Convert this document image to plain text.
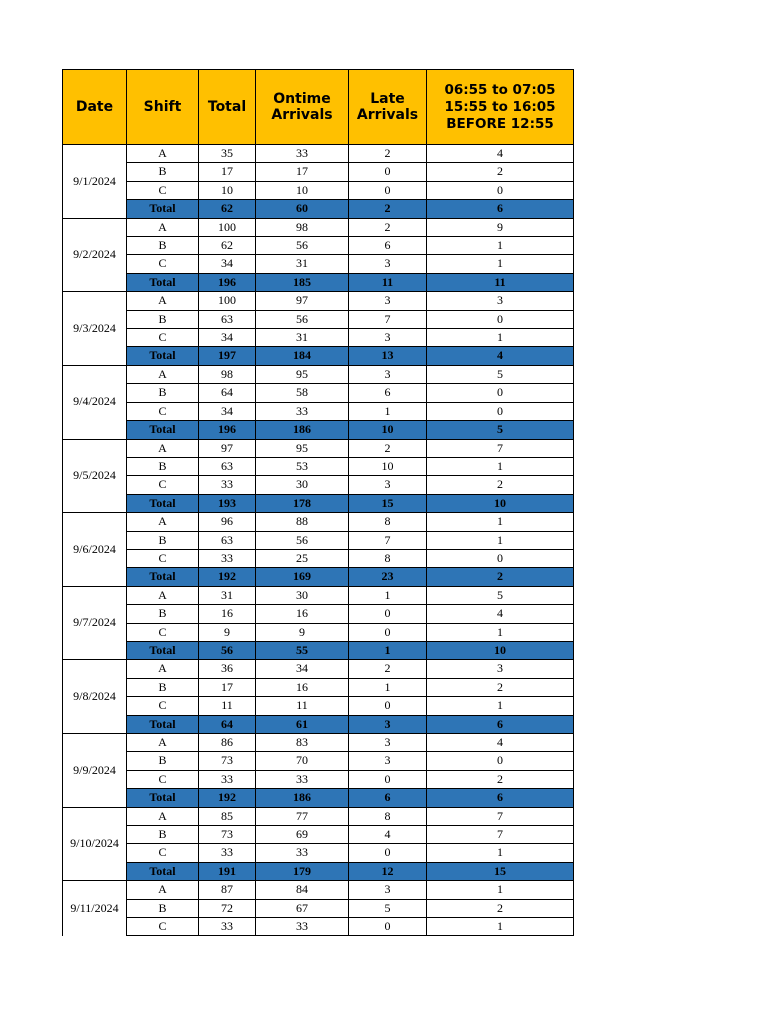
Date	Shift	Total	Ontime Arrivals	Late Arrivals	06:55 to 07:05
15:55 to 16:05
BEFORE 12:55

9/1/2024	A	35	33	2	4
	B	17	17	0	2
	C	10	10	0	0
	Total	62	60	2	6
9/2/2024	A	100	98	2	9
	B	62	56	6	1
	C	34	31	3	1
	Total	196	185	11	11
9/3/2024	A	100	97	3	3
	B	63	56	7	0
	C	34	31	3	1
	Total	197	184	13	4
9/4/2024	A	98	95	3	5
	B	64	58	6	0
	C	34	33	1	0
	Total	196	186	10	5
9/5/2024	A	97	95	2	7
	B	63	53	10	1
	C	33	30	3	2
	Total	193	178	15	10
9/6/2024	A	96	88	8	1
	B	63	56	7	1
	C	33	25	8	0
	Total	192	169	23	2
9/7/2024	A	31	30	1	5
	B	16	16	0	4
	C	9	9	0	1
	Total	56	55	1	10
9/8/2024	A	36	34	2	3
	B	17	16	1	2
	C	11	11	0	1
	Total	64	61	3	6
9/9/2024	A	86	83	3	4
	B	73	70	3	0
	C	33	33	0	2
	Total	192	186	6	6
9/10/2024	A	85	77	8	7
	B	73	69	4	7
	C	33	33	0	1
	Total	191	179	12	15
9/11/2024	A	87	84	3	1
	B	72	67	5	2
	C	33	33	0	1
